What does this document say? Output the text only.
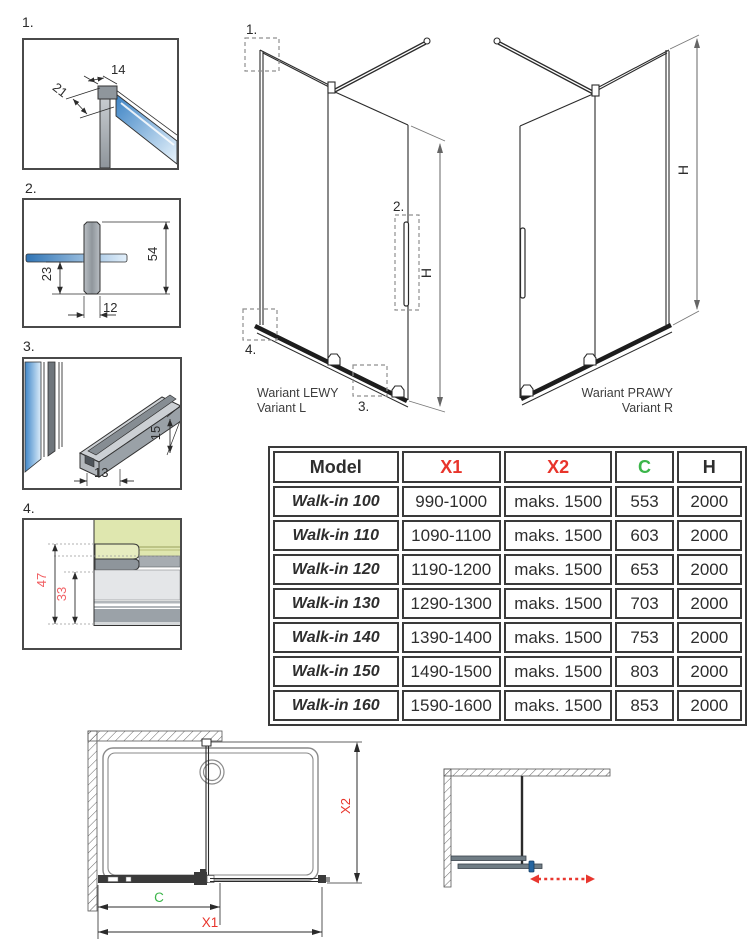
1.
2.
3.
4.
14
21
54
23
12
13
15
47
33
1.
2.
3.
4.
H
Wariant LEWY
Variant L
H
Wariant PRAWY
Variant R
Model	X1	X2	C	H
Walk-in 100	990-1000	maks. 1500	553	2000
Walk-in 110	1090-1100	maks. 1500	603	2000
Walk-in 120	1190-1200	maks. 1500	653	2000
Walk-in 130	1290-1300	maks. 1500	703	2000
Walk-in 140	1390-1400	maks. 1500	753	2000
Walk-in 150	1490-1500	maks. 1500	803	2000
Walk-in 160	1590-1600	maks. 1500	853	2000
X2
C
X1
